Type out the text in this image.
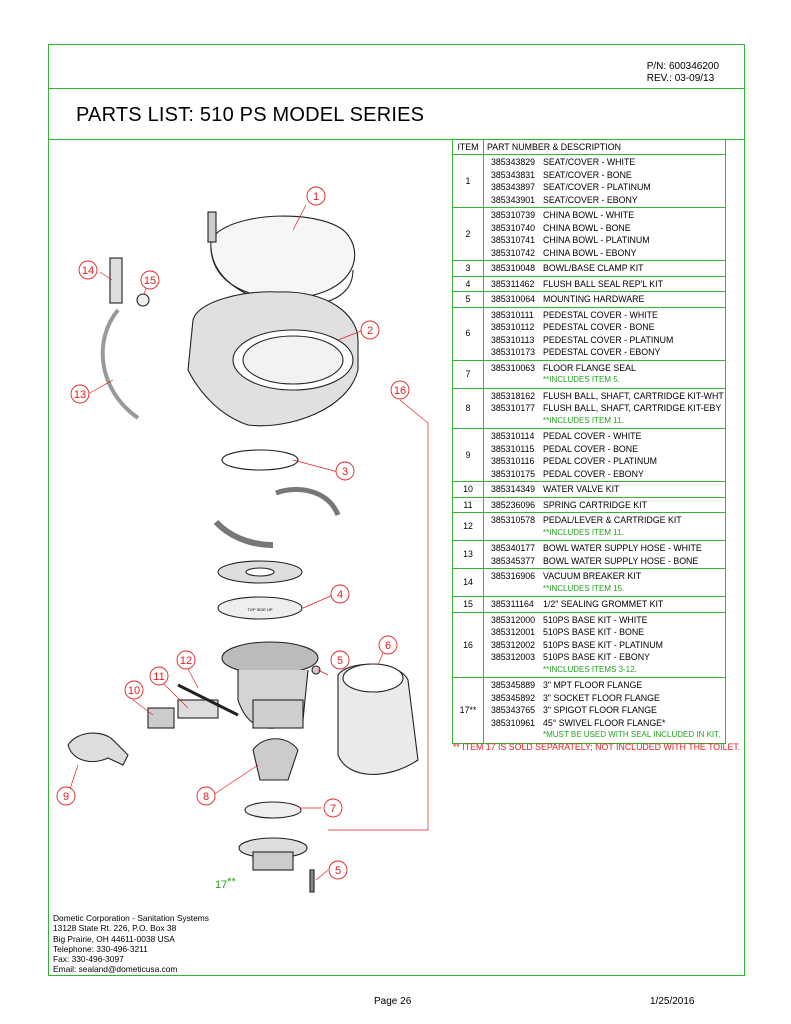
P/N: 600346200
REV.: 03-09/13
PARTS LIST: 510 PS MODEL SERIES
ITEM	PART NUMBER & DESCRIPTION
1	385343829 SEAT/COVER - WHITE
385343831 SEAT/COVER - BONE
385343897 SEAT/COVER - PLATINUM
385343901 SEAT/COVER - EBONY

2	385310739 CHINA BOWL - WHITE
385310740 CHINA BOWL - BONE
385310741 CHINA BOWL - PLATINUM
385310742 CHINA BOWL - EBONY

3	385310048 BOWL/BASE CLAMP KIT

4	385311462 FLUSH BALL SEAL REP'L KIT

5	385310064 MOUNTING HARDWARE

6	385310111 PEDESTAL COVER - WHITE
385310112 PEDESTAL COVER - BONE
385310113 PEDESTAL COVER - PLATINUM
385310173 PEDESTAL COVER - EBONY

7	385310063 FLOOR FLANGE SEAL
**INCLUDES ITEM 5.

8	385318162 FLUSH BALL, SHAFT, CARTRIDGE KIT-WHT
385310177 FLUSH BALL, SHAFT, CARTRIDGE KIT-EBY
**INCLUDES ITEM 11.

9	385310114 PEDAL COVER - WHITE
385310115 PEDAL COVER - BONE
385310116 PEDAL COVER - PLATINUM
385310175 PEDAL COVER - EBONY

10	385314349 WATER VALVE KIT

11	385236096 SPRING CARTRIDGE KIT

12	385310578 PEDAL/LEVER & CARTRIDGE KIT
**INCLUDES ITEM 11.

13	385340177 BOWL WATER SUPPLY HOSE - WHITE
385345377 BOWL WATER SUPPLY HOSE - BONE

14	385316906 VACUUM BREAKER KIT
**INCLUDES ITEM 15.

15	385311164 1/2" SEALING GROMMET KIT

16	385312000 510PS BASE KIT - WHITE
385312001 510PS BASE KIT - BONE
385312002 510PS BASE KIT - PLATINUM
385312003 510PS BASE KIT - EBONY
**INCLUDES ITEMS 3-12.

17**	385345889 3" MPT FLOOR FLANGE
385345892 3" SOCKET FLOOR FLANGE
385343765 3" SPIGOT FLOOR FLANGE
385310961 45° SWIVEL FLOOR FLANGE*
*MUST BE USED WITH SEAL INCLUDED IN KIT.
** ITEM 17 IS SOLD SEPARATELY; NOT INCLUDED WITH THE TOILET.
1
2
3
4
5
6
7
8
9
10
11
12
13
14
15
16
5
17**
TOP SIDE UP
Dometic Corporation - Sanitation Systems
13128 State Rt. 226, P.O. Box 38
Big Prairie, OH 44611-0038 USA
Telephone: 330-496-3211
Fax: 330-496-3097
Email: sealand@dometicusa.com
Page 26	1/25/2016
